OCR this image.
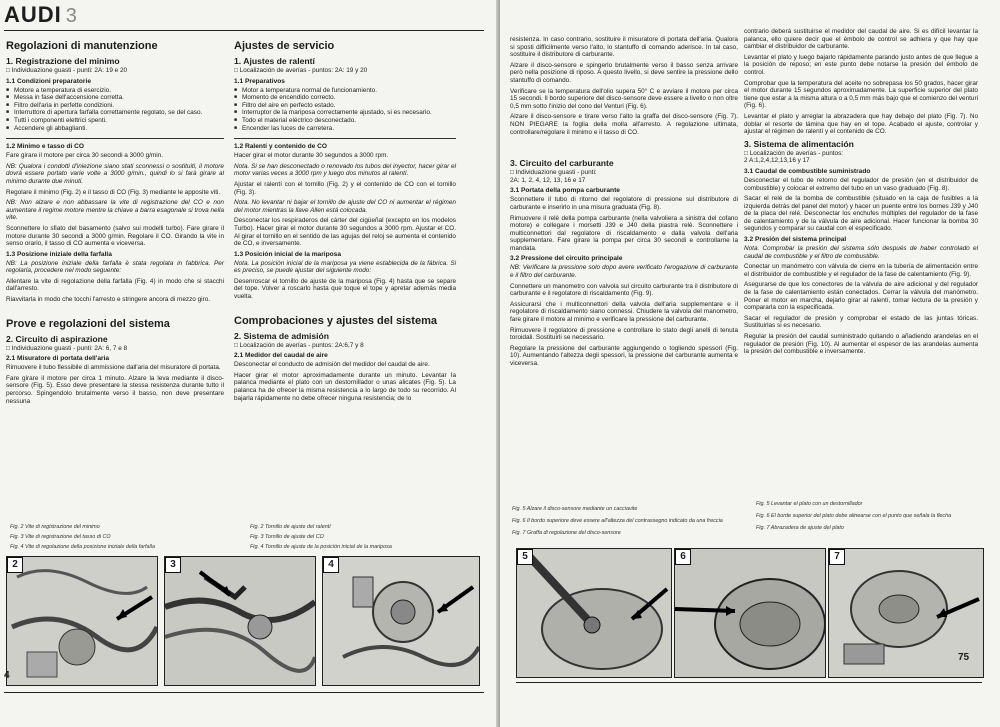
AUDI 3
Regolazioni di manutenzione
1. Registrazione del minimo

□ Individuazione guasti - punti: 2A: 19 e 20

1.1 Condizioni preparatorie
■ Motore a temperatura di esercizio.
■ Messa in fase dell'accensione corretta.
■ Filtro dell'aria in perfette condizioni.
■ Interruttore di apertura farfalla correttamente regolato, se del caso.
■ Tutti i componenti elettrici spenti.
■ Accendere gli abbaglianti.
1.2 Minimo e tasso di CO

Fare girare il motore per circa 30 secondi a 3000 g/min.

NB: Qualora i condotti d'iniezione siano stati sconnessi o sostituiti, il motore dovrà essere portato varie volte a 3000 g/min., quindi lo si farà girare al minimo durante due minuti.

Regolare il minimo (Fig. 2) e il tasso di CO (Fig. 3) mediante le apposite viti.

NB: Non alzare e non abbassare la vite di registrazione del CO e non aumentare il regime motore mentre la chiave a barra esagonale si trova nella vite.

Sconnettere lo sfiato del basamento (salvo sui modelli turbo). Fare girare il motore durante 30 secondi a 3000 g/min. Regolare il CO. Girando la vite in senso orario, il tasso di CO aumenta e viceversa.

1.3 Posizione iniziale della farfalla

NB: La posizione iniziale della farfalla è stata regolata in fabbrica. Per regolarla, procedere nel modo seguente:

Allentare la vite di regolazione della farfalla (Fig. 4) in modo che si stacchi dall'arresto.

Riavvitarla in modo che tocchi l'arresto e stringere ancora di mezzo giro.

Prove e regolazioni del sistema
2. Circuito di aspirazione

□ Individuazione guasti - punti: 2A: 6, 7 e 8

2.1 Misuratore di portata dell'aria

Rimuovere il tubo flessibile di ammissione dall'aria del misuratore di portata.

Fare girare il motore per circa 1 minuto. Alzare la leva mediante il disco-sensore (Fig. 5). Esso deve presentare la stessa resistenza durante tutto il percorso. Spingendolo brutalmente verso il basso, non deve presentare nessuna

Ajustes de servicio
1. Ajustes de ralentí

□ Localización de averías - puntos: 2A: 19 y 20

1.1 Preparativos
■ Motor a temperatura normal de funcionamiento.
■ Momento de encendido correcto.
■ Filtro del aire en perfecto estado.
■ Interruptor de la mariposa correctamente ajustado, si es necesario.
■ Todo el material eléctrico desconectado.
■ Encender las luces de carretera.
1.2 Ralentí y contenido de CO

Hacer girar el motor durante 30 segundos a 3000 rpm.

Nota. Si se han desconectado o renovado los tubos del inyector, hacer girar el motor varias veces a 3000 rpm y luego dos minutos al ralentí.

Ajustar el ralentí con el tornillo (Fig. 2) y el contenido de CO con el tornillo (Fig. 3).

Nota. No levantar ni bajar el tornillo de ajuste del CO ni aumentar el régimen del motor mientras la llave Allen está colocada.

Desconectar los respiraderos del cárter del cigüeñal (excepto en los modelos Turbo). Hacer girar el motor durante 30 segundos a 3000 rpm. Ajustar el CO. Al girar el tornillo en el sentido de las agujas del reloj se aumenta el contenido de CO, e inversamente.

1.3 Posición inicial de la mariposa

Nota. La posición inicial de la mariposa ya viene establecida de la fábrica. Si es preciso, se puede ajustar del siguiente modo:

Desenroscar el tornillo de ajuste de la mariposa (Fig. 4) hasta que se separe del tope. Volver a roscarlo hasta que toque el tope y apretar además media vuelta.

Comprobaciones y ajustes del sistema
2. Sistema de admisión

□ Localización de averías - puntos: 2A:6,7 y 8

2.1 Medidor del caudal de aire

Desconectar el conducto de admisión del medidor del caudal de aire.

Hacer girar el motor aproximadamente durante un minuto. Levantar la palanca mediante el plato con un destornillador o unas alicates (Fig. 5). La palanca ha de ofrecer la misma resistencia a lo largo de todo su recorrido. Al bajarla rápidamente no debe ofrecer ninguna resistencia; de lo

Fig. 2 Vite di registrazione del minimo
Fig. 3 Vite di registrazione del tasso di CO
Fig. 4 Vite di regolazione della posizione iniziale della farfalla
Fig. 2 Tornillo de ajuste del ralentí
Fig. 3 Tornillo de ajuste del CO
Fig. 4 Tornillo de ajuste de la posición inicial de la mariposa
2	3	4
4

resistenza. In caso contrario, sostituire il misuratore di portata dell'aria. Qualora si sposti difficilmente verso l'alto, lo stantuffo di comando aderisce. In tal caso, sostituire il distributore di carburante.

Alzare il disco-sensore e spingerlo brutalmente verso il basso senza arrivare però nella posizione di riposo. A questo livello, si deve sentire la pressione dello stantuffo di comando.

Verificare se la temperatura dell'olio supera 50° C e avviare il motore per circa 15 secondi. Il bordo superiore del disco-sensore deve essere a livello o non oltre 0,5 mm sotto l'inizio del cono del Venturi (Fig. 6).

Alzare il disco-sensore e tirare verso l'alto la graffa del disco-sensore (Fig. 7). NON PIEGARE la foglia della molla all'arresto. A regolazione ultimata, controllare/regolare il minimo e il tasso di CO.

3. Circuito del carburante

□ Individuazione guasti - punti:
2A: 1, 2, 4, 12, 13, 16 e 17

3.1 Portata della pompa carburante

Sconnettere il tubo di ritorno del regolatore di pressione sul distributore di carburante e inserirlo in una misura graduata (Fig. 8).

Rimuovere il relè della pompa carburante (nella valvoliera a sinistra del cofano motore) e collegare i morsetti J39 e J40 della piastra relè. Sconnettere i multiconnettori dal regolatore di riscaldamento e dalla valvola dell'aria supplementare. Fare girare la pompa per circa 30 secondi e controllarne la mandata.

3.2 Pressione del circuito principale

NB: Verificare la pressione solo dopo avere verificato l'erogazione di carburante e il filtro del carburante.

Connettere un manometro con valvola sul circuito carburante tra il distributore di carburante e il regolatore di riscaldamento (Fig. 9).

Assicurarsi che i multiconnettori della valvola dell'aria supplementare e il regolatore di riscaldamento siano connessi. Chiudere la valvola del manometro, fare girare il motore al minimo e verificare la pressione del carburante.

Rimuovere il regolatore di pressione e controllare lo stato degli anelli di tenuta toroidali. Sostituirli se necessario.

Regolare la pressione del carburante aggiungendo o togliendo spessori (Fig. 10). Aumentando l'altezza degli spessori, la pressione del carburante aumenta e viceversa.

contrario deberá sustituirse el medidor del caudal de aire. Si es difícil levantar la palanca, ello quiere decir que el émbolo de control se adhiera y que hay que cambiar el distribuidor de carburante.

Levantar el plato y luego bajarlo rápidamente parando justo antes de que llegue a la posición de reposo; en este punto debe notarse la presión del émbolo de control.

Comprobar que la temperatura del aceite no sobrepasa los 50 grados, hacer girar el motor durante 15 segundos aproximadamente. La superficie superior del plato tiene que estar a la misma altura o a 0,5 mm más bajo que el comienzo del venturi (Fig. 6).

Levantar el plato y arreglar la abrazadera que hay debajo del plato (Fig. 7). No doblar el resorte de lámina que hay en el tope. Acabado el ajuste, controlar y ajustar el régimen de ralentí y el contenido de CO.

3. Sistema de alimentación

□ Localización de averías - puntos:
2 A:1,2,4,12,13,16 y 17

3.1 Caudal de combustible suministrado

Desconectar el tubo de retorno del regulador de presión (en el distribuidor de combustible) y colocar el extremo del tubo en un vaso graduado (Fig. 8).

Sacar el relé de la bomba de combustible (situado en la caja de fusibles a la izquierda detrás del panel del motor) y hacer un puente entre los bornes J39 y J40 de la placa del relé. Desconectar los enchufes múltiples del regulador de la fase de calentamiento y de la válvula de aire adicional. Hacer funcionar la bomba 30 segundos y comparar su caudal con el especificado.

3.2 Presión del sistema principal

Nota. Comprobar la presión del sistema sólo después de haber controlado el caudal de combustible y el filtro de combustible.

Conectar un manómetro con válvula de cierre en la tubería de alimentación entre el distribuidor de combustible y el regulador de la fase de calentamiento (Fig. 9).

Asegurarse de que los conectores de la válvula de aire adicional y del regulador de la fase de calentamiento están conectados. Cerrar la válvula del manómetro. Poner el motor en marcha, dejarlo girar al ralentí, tomar lectura de la presión y compararla con la especificada.

Sacar el regulador de presión y comprobar el estado de las juntas tóricas. Sustituirlas si es necesario.

Regular la presión del caudal suministrado quitando o añadiendo arandelas en el regulador de presión (Fig. 10). Al aumentar el espesor de las arandelas aumenta la presión del combustible e inversamente.

Fig. 5 Alzare il disco-sensore mediante un cacciavite
Fig. 6 Il bordo superiore deve essere all'altezza del contrassegno indicato da una freccia
Fig. 7 Graffa di regolazione del disco-sensore
Fig. 5 Levantar el plato con un destornillador
Fig. 6 El borde superior del plato debe alinearse con el punto que señala la flecha
Fig. 7 Abrazadera de ajuste del plato
5	6	7
75
